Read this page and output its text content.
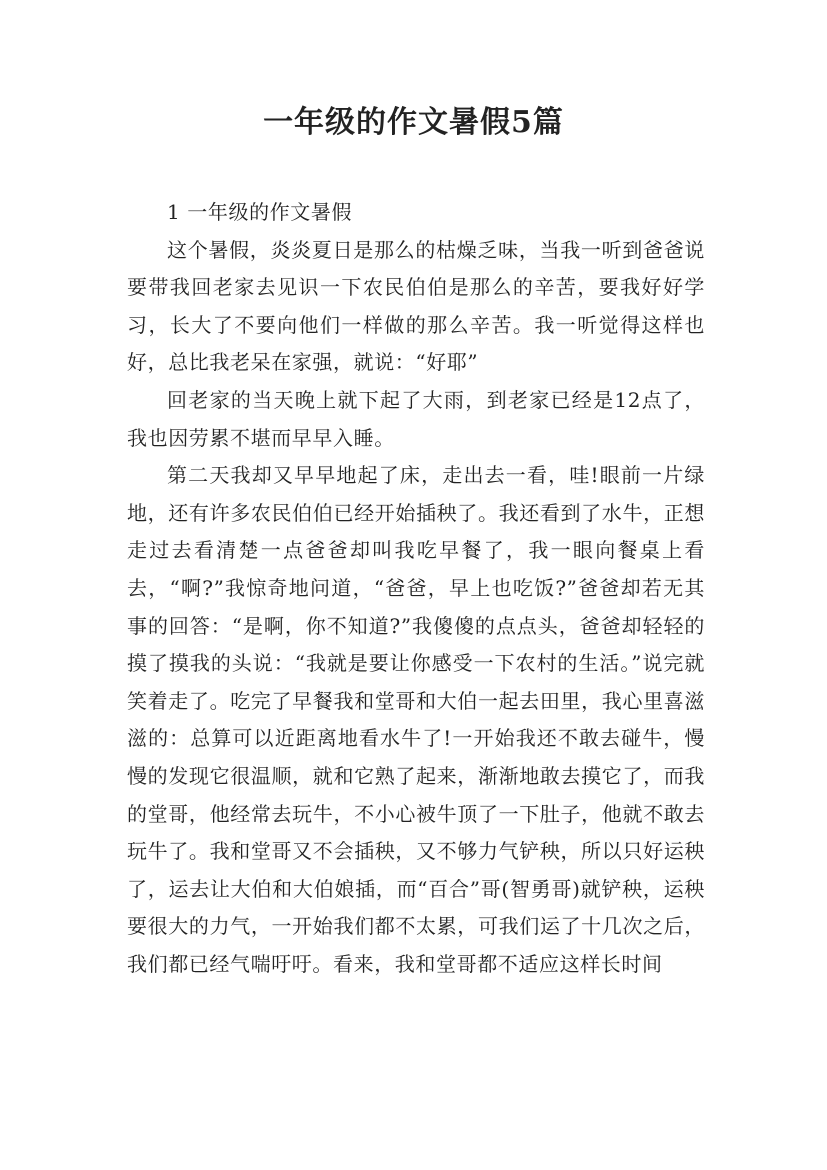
一年级的作文暑假5篇

1 一年级的作文暑假

这个暑假，炎炎夏日是那么的枯燥乏味，当我一听到爸爸说要带我回老家去见识一下农民伯伯是那么的辛苦，要我好好学习，长大了不要向他们一样做的那么辛苦。我一听觉得这样也好，总比我老呆在家强，就说：“好耶”

回老家的当天晚上就下起了大雨，到老家已经是12点了，我也因劳累不堪而早早入睡。

第二天我却又早早地起了床，走出去一看，哇!眼前一片绿地，还有许多农民伯伯已经开始插秧了。我还看到了水牛，正想走过去看清楚一点爸爸却叫我吃早餐了，我一眼向餐桌上看去，“啊?”我惊奇地问道，“爸爸，早上也吃饭?”爸爸却若无其事的回答：“是啊，你不知道?”我傻傻的点点头，爸爸却轻轻的摸了摸我的头说：“我就是要让你感受一下农村的生活。”说完就笑着走了。吃完了早餐我和堂哥和大伯一起去田里，我心里喜滋滋的：总算可以近距离地看水牛了!一开始我还不敢去碰牛，慢慢的发现它很温顺，就和它熟了起来，渐渐地敢去摸它了，而我的堂哥，他经常去玩牛，不小心被牛顶了一下肚子，他就不敢去玩牛了。我和堂哥又不会插秧，又不够力气铲秧，所以只好运秧了，运去让大伯和大伯娘插，而“百合”哥(智勇哥)就铲秧，运秧要很大的力气，一开始我们都不太累，可我们运了十几次之后，我们都已经气喘吁吁。看来，我和堂哥都不适应这样长时间
